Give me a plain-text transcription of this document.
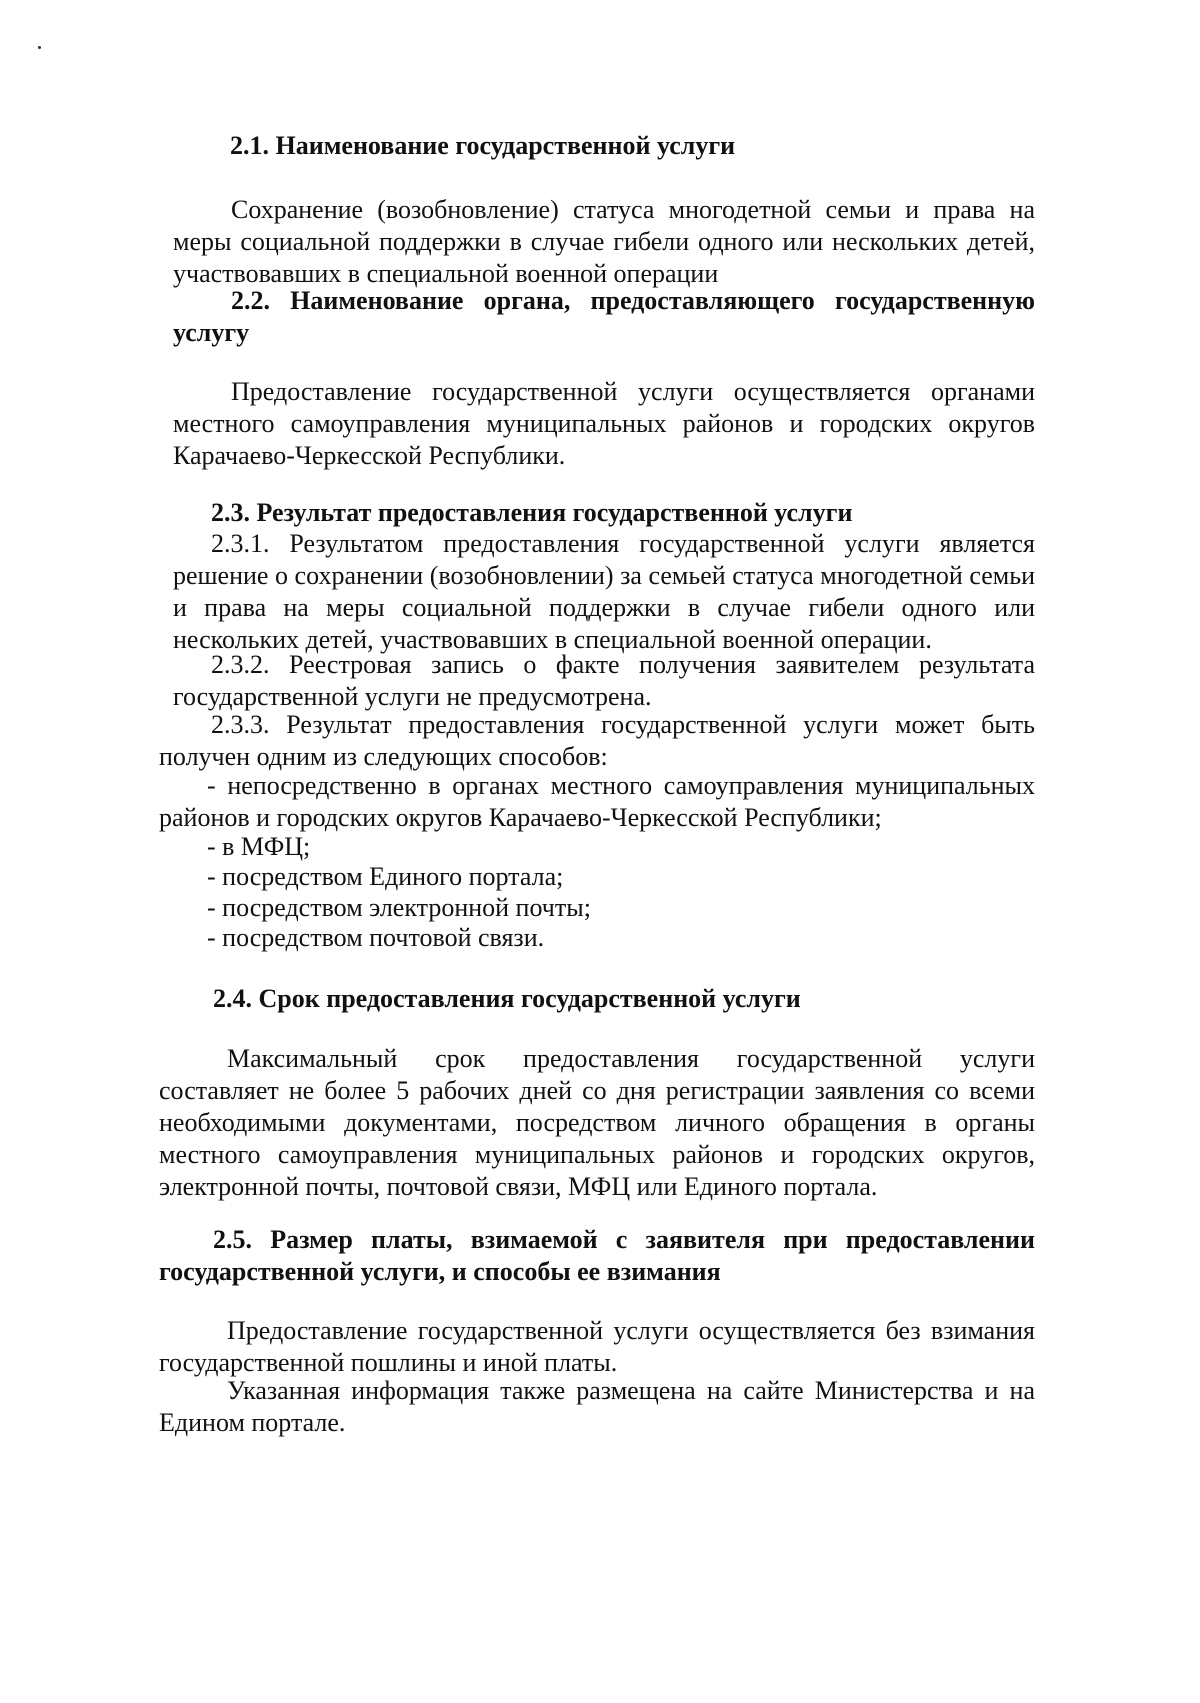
2.1. Наименование государственной услуги

Сохранение (возобновление) статуса многодетной семьи и права на меры социальной поддержки в случае гибели одного или нескольких детей, участвовавших в специальной военной операции

2.2. Наименование органа, предоставляющего государственную услугу

Предоставление государственной услуги осуществляется органами местного самоуправления муниципальных районов и городских округов Карачаево-Черкесской Республики.

2.3. Результат предоставления государственной услуги

2.3.1. Результатом предоставления государственной услуги является решение о сохранении (возобновлении) за семьей статуса многодетной семьи и права на меры социальной поддержки в случае гибели одного или нескольких детей, участвовавших в специальной военной операции.

2.3.2. Реестровая запись о факте получения заявителем результата государственной услуги не предусмотрена.

2.3.3. Результат предоставления государственной услуги может быть получен одним из следующих способов:

- непосредственно в органах местного самоуправления муниципальных районов и городских округов Карачаево-Черкесской Республики;

- в МФЦ;

- посредством Единого портала;

- посредством электронной почты;

- посредством почтовой связи.

2.4. Срок предоставления государственной услуги

Максимальный срок предоставления государственной услуги составляет не более 5 рабочих дней со дня регистрации заявления со всеми необходимыми документами, посредством личного обращения в органы местного самоуправления муниципальных районов и городских округов, электронной почты, почтовой связи, МФЦ или Единого портала.

2.5. Размер платы, взимаемой с заявителя при предоставлении государственной услуги, и способы ее взимания

Предоставление государственной услуги осуществляется без взимания государственной пошлины и иной платы.

Указанная информация также размещена на сайте Министерства и на Едином портале.
